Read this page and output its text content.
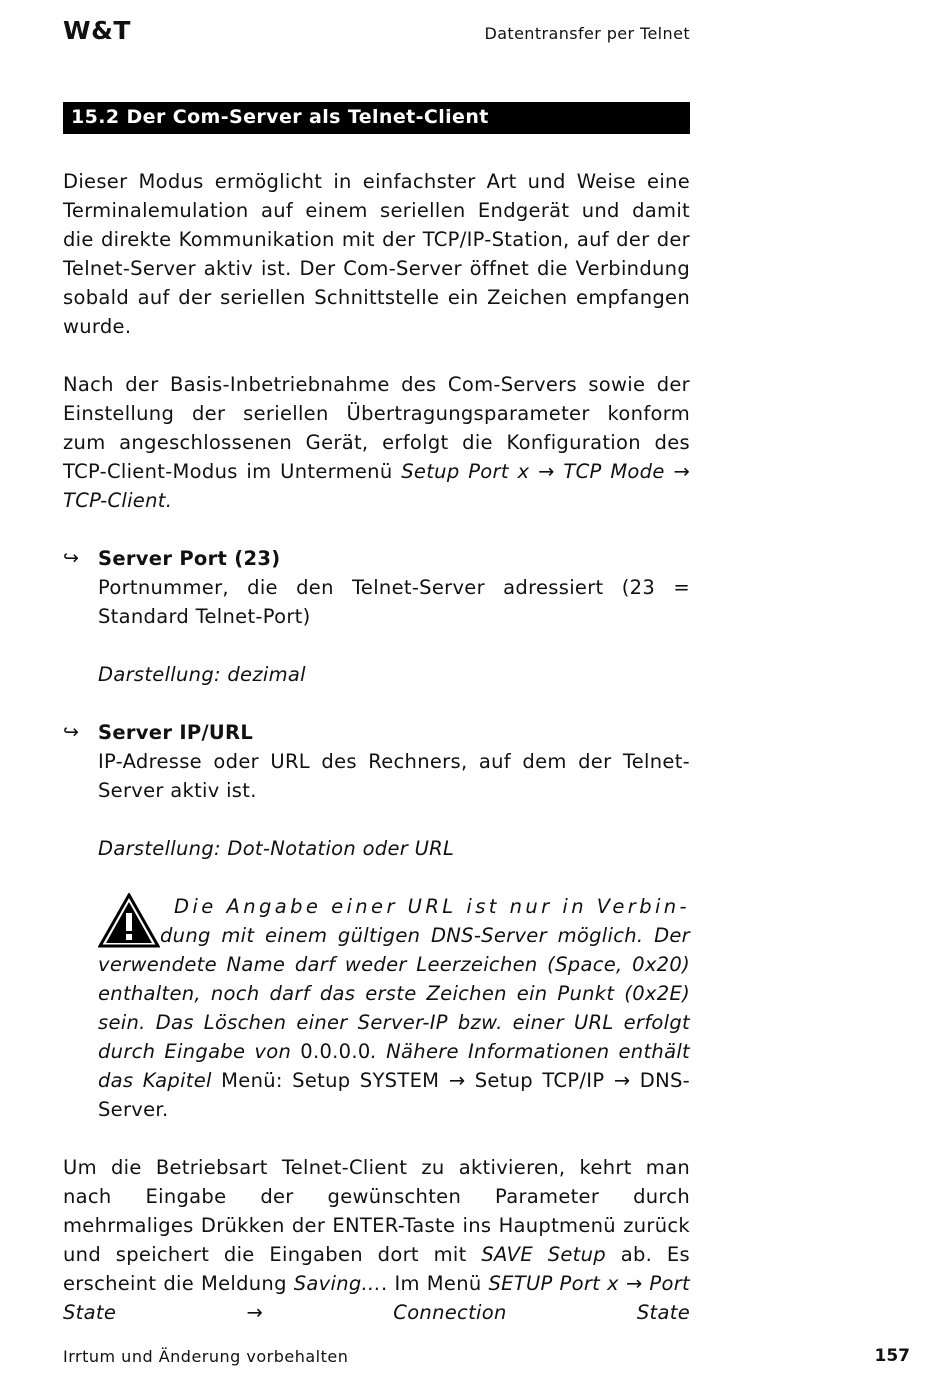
W&T	Datentransfer per Telnet
15.2 Der Com-Server als Telnet-Client

Dieser Modus ermöglicht in einfachster Art und Weise eine Terminalemulation auf einem seriellen Endgerät und damit die direkte Kommunikation mit der TCP/IP-Station, auf der der Telnet-Server aktiv ist. Der Com-Server öffnet die Verbindung sobald auf der seriellen Schnittstelle ein Zeichen empfangen wurde.

Nach der Basis-Inbetriebnahme des Com-Servers sowie der Einstellung der seriellen Übertragungsparameter konform zum angeschlossenen Gerät, erfolgt die Konfiguration des TCP-Client-Modus im Untermenü Setup Port x → TCP Mode → TCP-Client.

↪ Server Port (23)

Portnummer, die den Telnet-Server adressiert (23 = Standard Telnet-Port)

Darstellung: dezimal

↪ Server IP/URL

IP-Adresse oder URL des Rechners, auf dem der Telnet-Server aktiv ist.

Darstellung: Dot-Notation oder URL

Die Angabe einer URL ist nur in Verbin-

dung mit einem gültigen DNS-Server möglich. Der

verwendete Name darf weder Leerzeichen (Space, 0x20) enthalten, noch darf das erste Zeichen ein Punkt (0x2E) sein. Das Löschen einer Server-IP bzw. einer URL erfolgt durch Eingabe von 0.0.0.0. Nähere Informationen enthält das Kapitel Menü: Setup SYSTEM → Setup TCP/IP → DNS-Server.

Um die Betriebsart Telnet-Client zu aktivieren, kehrt man nach Eingabe der gewünschten Parameter durch mehrmaliges Drükken der ENTER-Taste ins Hauptmenü zurück und speichert die Eingaben dort mit SAVE Setup ab. Es erscheint die Meldung Saving.... Im Menü SETUP Port x → Port State → Connection State

Irrtum und Änderung vorbehalten	157
